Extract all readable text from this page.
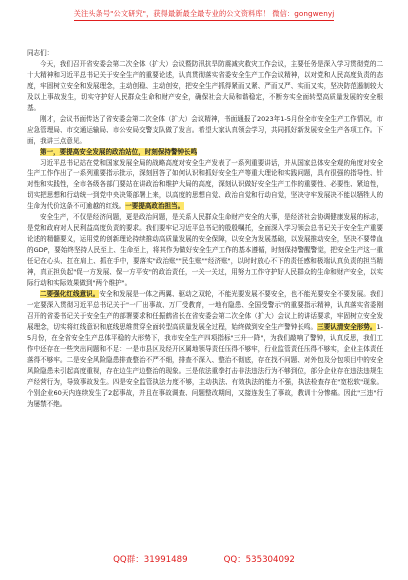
关注头条号"公文研究"，获得最新最全最专业的公文资料库！ 微信：gongwenyj

同志们：

今天，我们召开省安委会第二次全体（扩大）会议暨防汛抗旱防震减灾救灾工作会议，主要任务是深入学习贯彻党的二十大精神和习近平总书记关于安全生产的重要论述，认真贯彻落实省委安全生产工作会议精神，以对党和人民高度负责的态度，牢固树立安全和发展理念，主动创稳、主动创安，把安全生产抓得紧而又紧、严而又严、实而又实，坚决防范遏制较大及以上事故发生，切实守护好人民群众生命和财产安全，确保社会大局和谐稳定，不断夯实全面转型高质量发展的安全根基。

刚才，会议书面传达了省安委会第二次全体（扩大）会议精神，书面通报了2023年1-5月份全市安全生产工作情况，市应急管理局、市交通运输局、市公安局交警支队做了发言。希望大家认真领会学习，共同抓好新发展安全生产各项工作。下面，我讲三点意见。

第一，要提高安全发展的政治站位，时刻保持警钟长鸣

习近平总书记站在党和国家发展全局的战略高度对安全生产发表了一系列重要讲话，并从国家总体安全观的角度对安全生产工作作出了一系列重要指示批示，深刻回答了如何认识和抓好安全生产等重大理论和实践问题，具有很强的指导性、针对性和实践性，全市各级各部门要站在讲政治和维护大局的高度，深刻认识做好安全生产工作的重要性、必要性、紧迫性，切实把思想和行动统一到党中央决策部署上来，以高度的思想自觉、政治自觉和行动自觉，坚决守牢发展决不能以牺牲人的生命为代价这条不可逾越的红线。一要提高政治担当。

安全生产，不仅是经济问题，更是政治问题，是关系人民群众生命财产安全的大事，是经济社会协调健康发展的标志，是党和政府对人民利益高度负责的要求。我们要牢记习近平总书记的殷殷嘱托，全面深入学习领会总书记关于安全生产重要论述的精髓要义，运用党的创新理论持续推动高质量发展的安全保障，以安全为发展基础，以发展推动安全，坚决不要带血的GDP，要始终坚持人民至上、生命至上，将其作为做好安全生产工作的基本遵循，时刻保持警醒警觉，把安全生产这一重任记在心头、扛在肩上、抓在手中，要落实"政治账""民生账""经济账"，以时时放心不下的责任感和极端认真负责的担当精神，真正担负起"促一方发展、保一方平安"的政治责任，一关一关过，用努力工作守护好人民群众的生命和财产安全，以实际行动和实际效果做到"两个维护"。

二要强化红线意识。安全和发展是一体之两翼、驱动之双轮，不能光要发展不要安全，也不能光要安全不要发展。我们一定要深入贯彻习近平总书记关于"一厂出事故、万厂受教育，一地有隐患、全国受警示"的重要指示精神，认真落实省委刚召开的省委书记关于安全生产的部署要求和任振鹤省长在省安委会第二次全体（扩大）会议上的讲话要求，牢固树立安全发展理念，切实将红线意识和底线思维贯穿全面转型高质量发展全过程，始终做到安全生产警钟长鸣。三要认清安全形势。1-5月份，在全省安全生产总体平稳的大形势下，我市安全生产四项指标"三升一降"，为我们敲响了警钟，认真反思，我们工作中还存在一些突出问题和不足：一是市县区及经开区属地领导责任压得不够牢，行业监管责任压得不够实，企业主体责任落得不够牢。二是安全风险隐患排查整治不严不细，排查不深入、整治不彻底，存在找不问题、对外包及分包项目中的安全风险隐患未引起高度重视，存在边生产边整治的现象。三是依法重拳打击非法违法行为不够到位，部分企业存在违法违规生产经营行为，导致事故发生。四是安全监管执法力度不够，主动执法、有效执法的能力不强，执法检查存在"宽松软"现象。个别企业60天内连续发生了2起事故，并且在事故调查、问题整改期间，又接连发生了事故，教训十分惨痛。因此"三违"行为屡禁不绝。

QQ群：31991489	QQ：535304092
